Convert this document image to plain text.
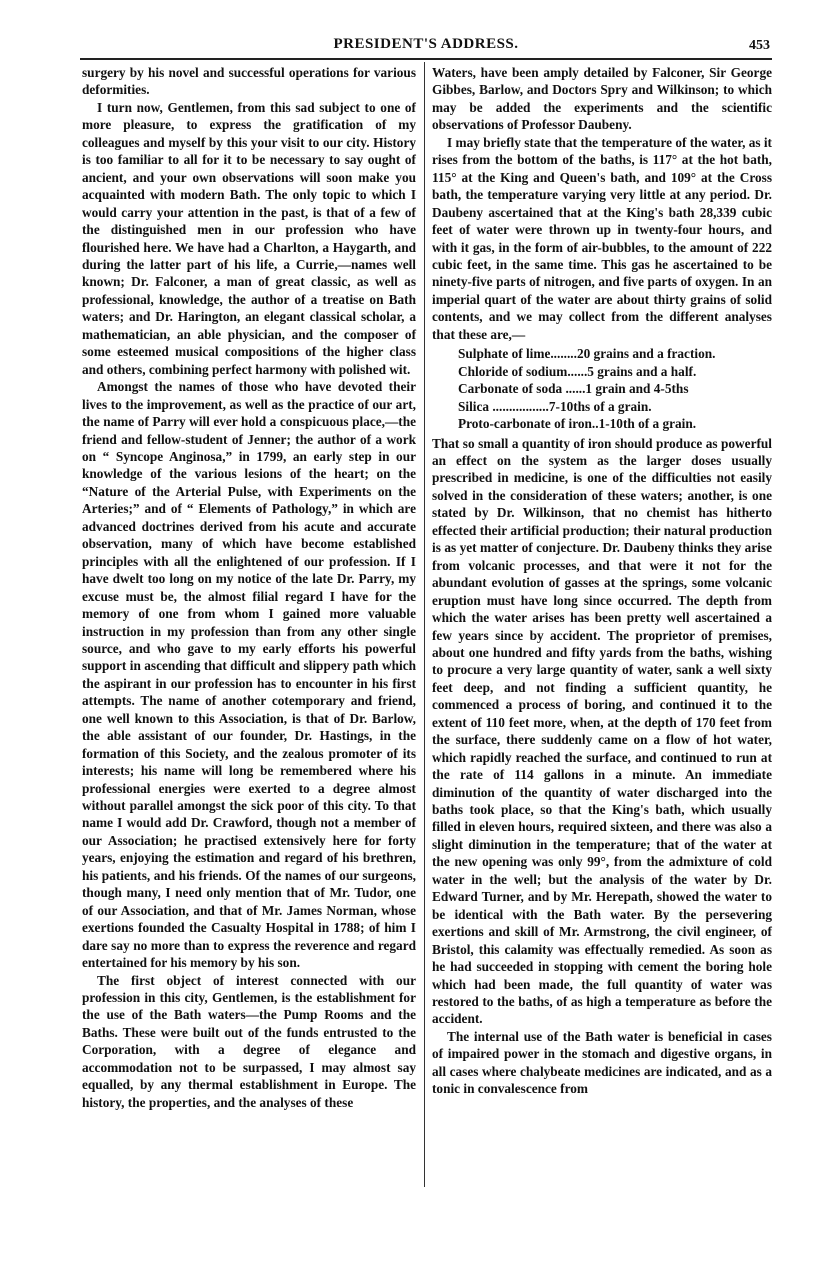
PRESIDENT'S ADDRESS.	453

surgery by his novel and successful operations for various deformities.

I turn now, Gentlemen, from this sad subject to one of more pleasure, to express the gratification of my colleagues and myself by this your visit to our city. History is too familiar to all for it to be necessary to say ought of ancient, and your own observations will soon make you acquainted with modern Bath. The only topic to which I would carry your attention in the past, is that of a few of the distinguished men in our profession who have flourished here. We have had a Charlton, a Haygarth, and during the latter part of his life, a Currie,—names well known; Dr. Falconer, a man of great classic, as well as professional, knowledge, the author of a treatise on Bath waters; and Dr. Harington, an elegant classical scholar, a mathematician, an able physician, and the composer of some esteemed musical compositions of the higher class and others, combining perfect harmony with polished wit.

Amongst the names of those who have devoted their lives to the improvement, as well as the practice of our art, the name of Parry will ever hold a conspicuous place,—the friend and fellow-student of Jenner; the author of a work on “ Syncope Anginosa,” in 1799, an early step in our knowledge of the various lesions of the heart; on the “Nature of the Arterial Pulse, with Experiments on the Arteries;” and of “ Elements of Pathology,” in which are advanced doctrines derived from his acute and accurate observation, many of which have become established principles with all the enlightened of our profession. If I have dwelt too long on my notice of the late Dr. Parry, my excuse must be, the almost filial regard I have for the memory of one from whom I gained more valuable instruction in my profession than from any other single source, and who gave to my early efforts his powerful support in ascending that difficult and slippery path which the aspirant in our profession has to encounter in his first attempts. The name of another cotemporary and friend, one well known to this Association, is that of Dr. Barlow, the able assistant of our founder, Dr. Hastings, in the formation of this Society, and the zealous promoter of its interests; his name will long be remembered where his professional energies were exerted to a degree almost without parallel amongst the sick poor of this city. To that name I would add Dr. Crawford, though not a member of our Association; he practised extensively here for forty years, enjoying the estimation and regard of his brethren, his patients, and his friends. Of the names of our surgeons, though many, I need only mention that of Mr. Tudor, one of our Association, and that of Mr. James Norman, whose exertions founded the Casualty Hospital in 1788; of him I dare say no more than to express the reverence and regard entertained for his memory by his son.

The first object of interest connected with our profession in this city, Gentlemen, is the establishment for the use of the Bath waters—the Pump Rooms and the Baths. These were built out of the funds entrusted to the Corporation, with a degree of elegance and accommodation not to be surpassed, I may almost say equalled, by any thermal establishment in Europe. The history, the properties, and the analyses of these

Waters, have been amply detailed by Falconer, Sir George Gibbes, Barlow, and Doctors Spry and Wilkinson; to which may be added the experiments and the scientific observations of Professor Daubeny.

I may briefly state that the temperature of the water, as it rises from the bottom of the baths, is 117° at the hot bath, 115° at the King and Queen's bath, and 109° at the Cross bath, the temperature varying very little at any period. Dr. Daubeny ascertained that at the King's bath 28,339 cubic feet of water were thrown up in twenty-four hours, and with it gas, in the form of air-bubbles, to the amount of 222 cubic feet, in the same time. This gas he ascertained to be ninety-five parts of nitrogen, and five parts of oxygen. In an imperial quart of the water are about thirty grains of solid contents, and we may collect from the different analyses that these are,—

Sulphate of lime........20 grains and a fraction.
Chloride of sodium......5 grains and a half.
Carbonate of soda ......1 grain and 4-5ths
Silica .................7-10ths of a grain.
Proto-carbonate of iron..1-10th of a grain.

That so small a quantity of iron should produce as powerful an effect on the system as the larger doses usually prescribed in medicine, is one of the difficulties not easily solved in the consideration of these waters; another, is one stated by Dr. Wilkinson, that no chemist has hitherto effected their artificial production; their natural production is as yet matter of conjecture. Dr. Daubeny thinks they arise from volcanic processes, and that were it not for the abundant evolution of gasses at the springs, some volcanic eruption must have long since occurred. The depth from which the water arises has been pretty well ascertained a few years since by accident. The proprietor of premises, about one hundred and fifty yards from the baths, wishing to procure a very large quantity of water, sank a well sixty feet deep, and not finding a sufficient quantity, he commenced a process of boring, and continued it to the extent of 110 feet more, when, at the depth of 170 feet from the surface, there suddenly came on a flow of hot water, which rapidly reached the surface, and continued to run at the rate of 114 gallons in a minute. An immediate diminution of the quantity of water discharged into the baths took place, so that the King's bath, which usually filled in eleven hours, required sixteen, and there was also a slight diminution in the temperature; that of the water at the new opening was only 99°, from the admixture of cold water in the well; but the analysis of the water by Dr. Edward Turner, and by Mr. Herepath, showed the water to be identical with the Bath water. By the persevering exertions and skill of Mr. Armstrong, the civil engineer, of Bristol, this calamity was effectually remedied. As soon as he had succeeded in stopping with cement the boring hole which had been made, the full quantity of water was restored to the baths, of as high a temperature as before the accident.

The internal use of the Bath water is beneficial in cases of impaired power in the stomach and digestive organs, in all cases where chalybeate medicines are indicated, and as a tonic in convalescence from
